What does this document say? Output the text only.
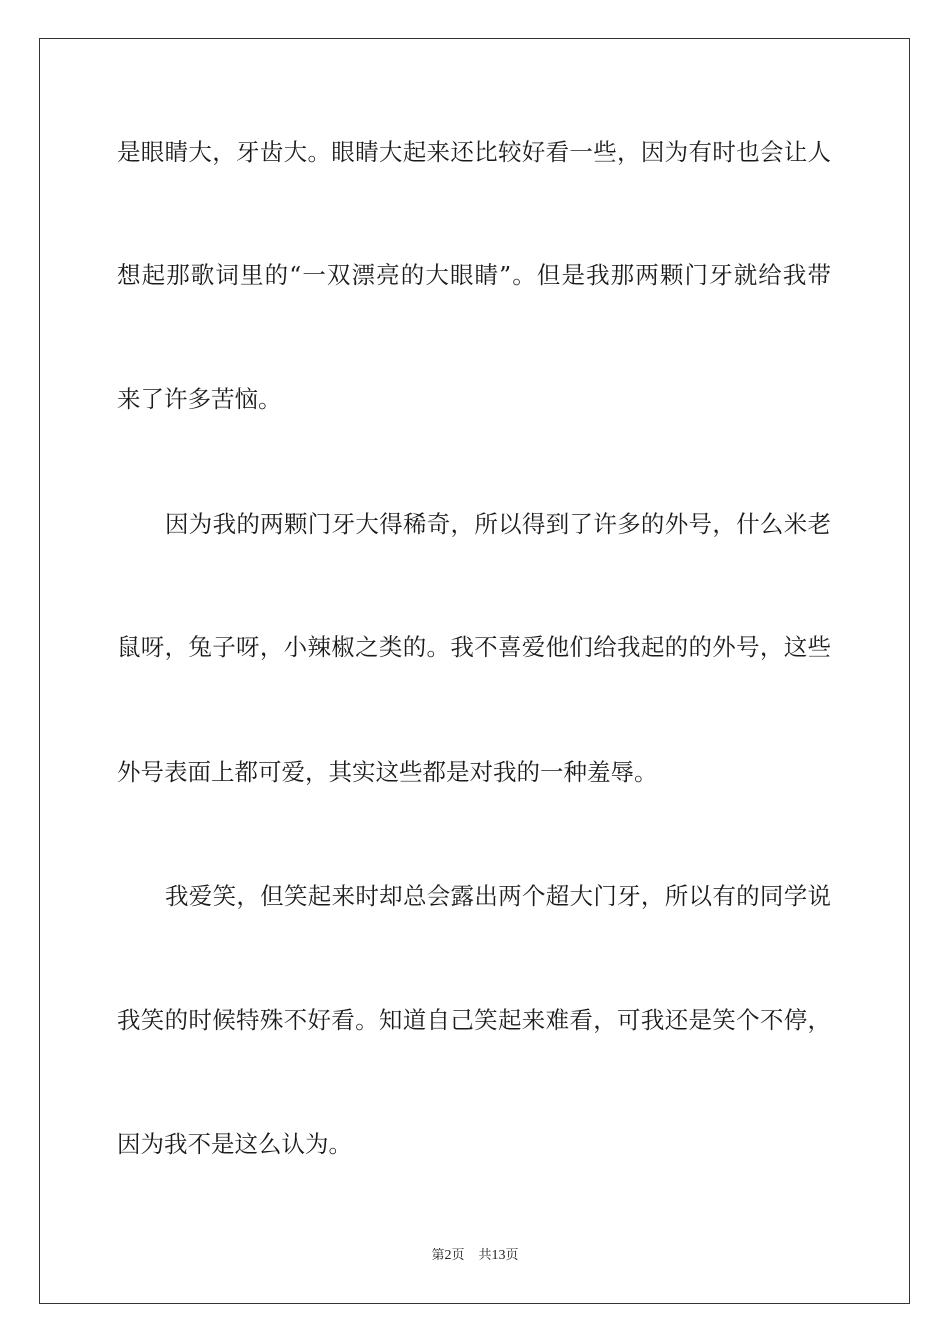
是眼睛大，牙齿大。眼睛大起来还比较好看一些，因为有时也会让人
想起那歌词里的“一双漂亮的大眼睛”。但是我那两颗门牙就给我带
来了许多苦恼。
因为我的两颗门牙大得稀奇，所以得到了许多的外号，什么米老
鼠呀，兔子呀，小辣椒之类的。我不喜爱他们给我起的的外号，这些
外号表面上都可爱，其实这些都是对我的一种羞辱。
我爱笑，但笑起来时却总会露出两个超大门牙，所以有的同学说
我笑的时候特殊不好看。知道自己笑起来难看，可我还是笑个不停，
因为我不是这么认为。
第2页 共13页
